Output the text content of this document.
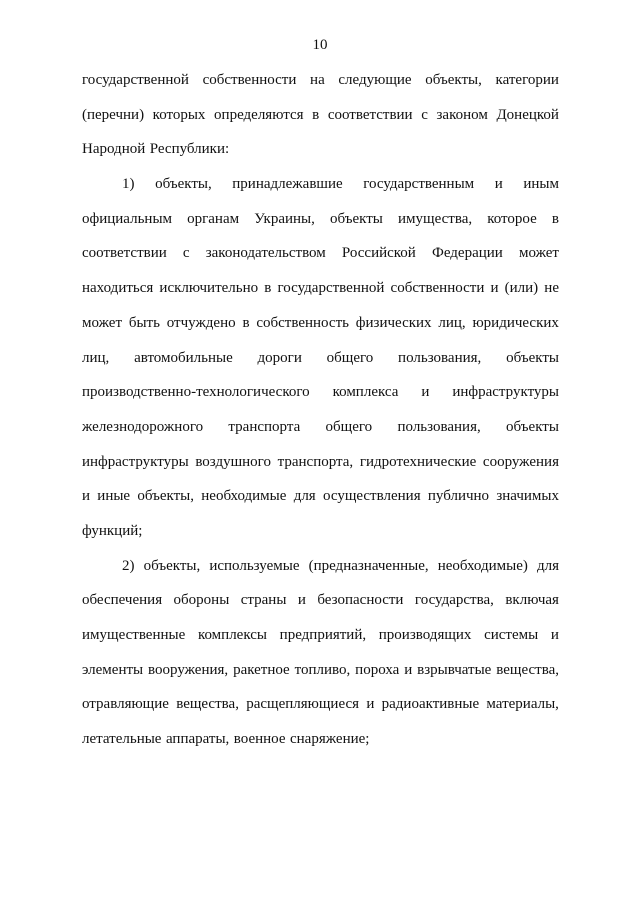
10
государственной собственности на следующие объекты, категории
(перечни) которых определяются в соответствии с законом Донецкой
Народной Республики:
1) объекты, принадлежавшие государственным и иным
официальным органам Украины, объекты имущества, которое в
соответствии с законодательством Российской Федерации может
находиться исключительно в государственной собственности и (или) не
может быть отчуждено в собственность физических лиц, юридических
лиц, автомобильные дороги общего пользования, объекты
производственно-технологического комплекса и инфраструктуры
железнодорожного транспорта общего пользования, объекты
инфраструктуры воздушного транспорта, гидротехнические сооружения
и иные объекты, необходимые для осуществления публично значимых
функций;
2) объекты, используемые (предназначенные, необходимые) для
обеспечения обороны страны и безопасности государства, включая
имущественные комплексы предприятий, производящих системы и
элементы вооружения, ракетное топливо, пороха и взрывчатые вещества,
отравляющие вещества, расщепляющиеся и радиоактивные материалы,
летательные аппараты, военное снаряжение;
